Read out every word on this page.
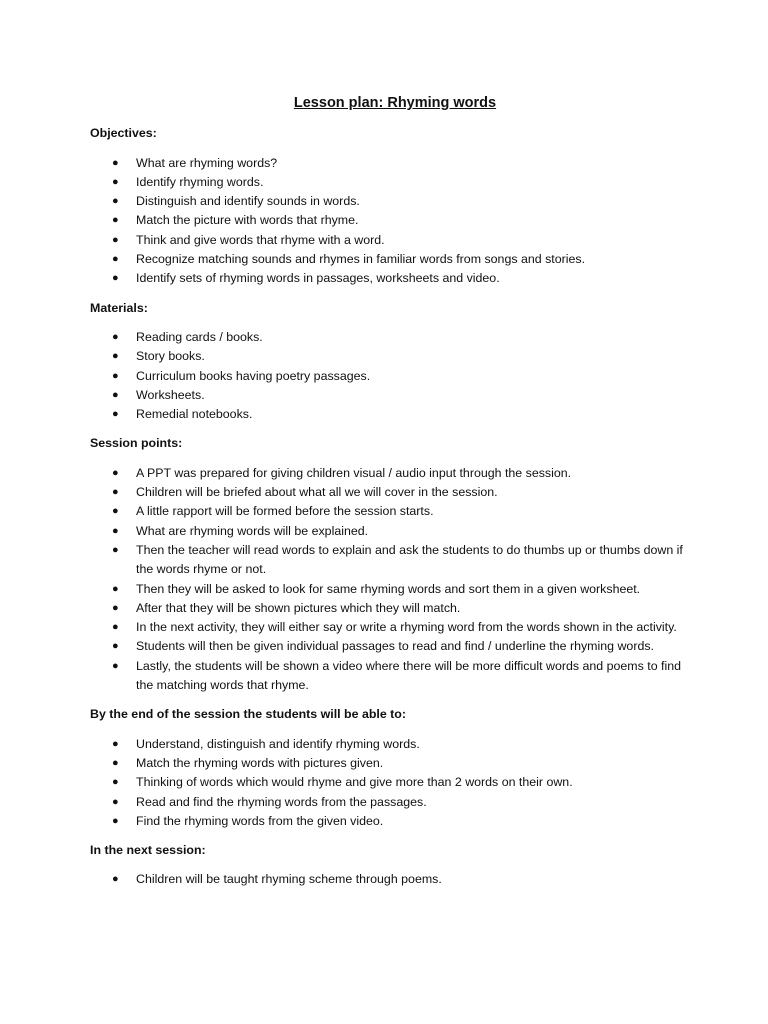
Lesson plan: Rhyming words
Objectives:
● What are rhyming words?
● Identify rhyming words.
● Distinguish and identify sounds in words.
● Match the picture with words that rhyme.
● Think and give words that rhyme with a word.
● Recognize matching sounds and rhymes in familiar words from songs and stories.
● Identify sets of rhyming words in passages, worksheets and video.
Materials:
● Reading cards / books.
● Story books.
● Curriculum books having poetry passages.
● Worksheets.
● Remedial notebooks.
Session points:
● A PPT was prepared for giving children visual / audio input through the session.
● Children will be briefed about what all we will cover in the session.
● A little rapport will be formed before the session starts.
● What are rhyming words will be explained.
● Then the teacher will read words to explain and ask the students to do thumbs up or thumbs down if the words rhyme or not.
● Then they will be asked to look for same rhyming words and sort them in a given worksheet.
● After that they will be shown pictures which they will match.
● In the next activity, they will either say or write a rhyming word from the words shown in the activity.
● Students will then be given individual passages to read and find / underline the rhyming words.
● Lastly, the students will be shown a video where there will be more difficult words and poems to find the matching words that rhyme.
By the end of the session the students will be able to:
● Understand, distinguish and identify rhyming words.
● Match the rhyming words with pictures given.
● Thinking of words which would rhyme and give more than 2 words on their own.
● Read and find the rhyming words from the passages.
● Find the rhyming words from the given video.
In the next session:
● Children will be taught rhyming scheme through poems.
